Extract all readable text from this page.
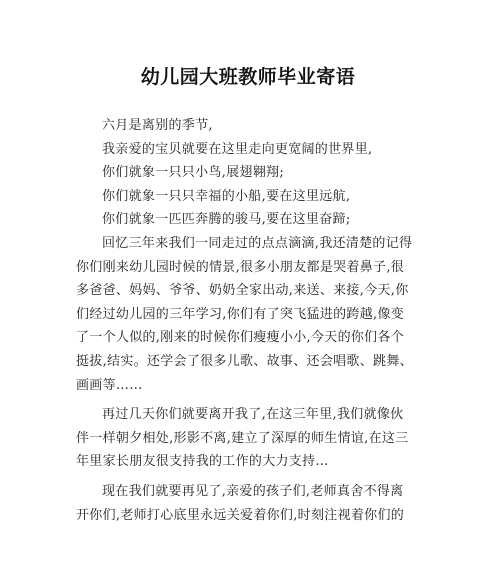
幼儿园大班教师毕业寄语
六月是离别的季节,
我亲爱的宝贝就要在这里走向更宽阔的世界里,
你们就象一只只小鸟,展翅翱翔;
你们就象一只只幸福的小船,要在这里远航,
你们就象一匹匹奔腾的骏马,要在这里奋蹄;
回忆三年来我们一同走过的点点滴滴,我还清楚的记得
你们刚来幼儿园时候的情景,很多小朋友都是哭着鼻子,很
多爸爸、妈妈、爷爷、奶奶全家出动,来送、来接,今天,你
们经过幼儿园的三年学习,你们有了突飞猛进的跨越,像变
了一个人似的,刚来的时候你们瘦瘦小小,今天的你们各个
挺拔,结实。还学会了很多儿歌、故事、还会唱歌、跳舞、
画画等……
再过几天你们就要离开我了,在这三年里,我们就像伙
伴一样朝夕相处,形影不离,建立了深厚的师生情谊,在这三
年里家长朋友很支持我的工作的大力支持…
现在我们就要再见了,亲爱的孩子们,老师真舍不得离
开你们,老师打心底里永远关爱着你们,时刻注视着你们的
